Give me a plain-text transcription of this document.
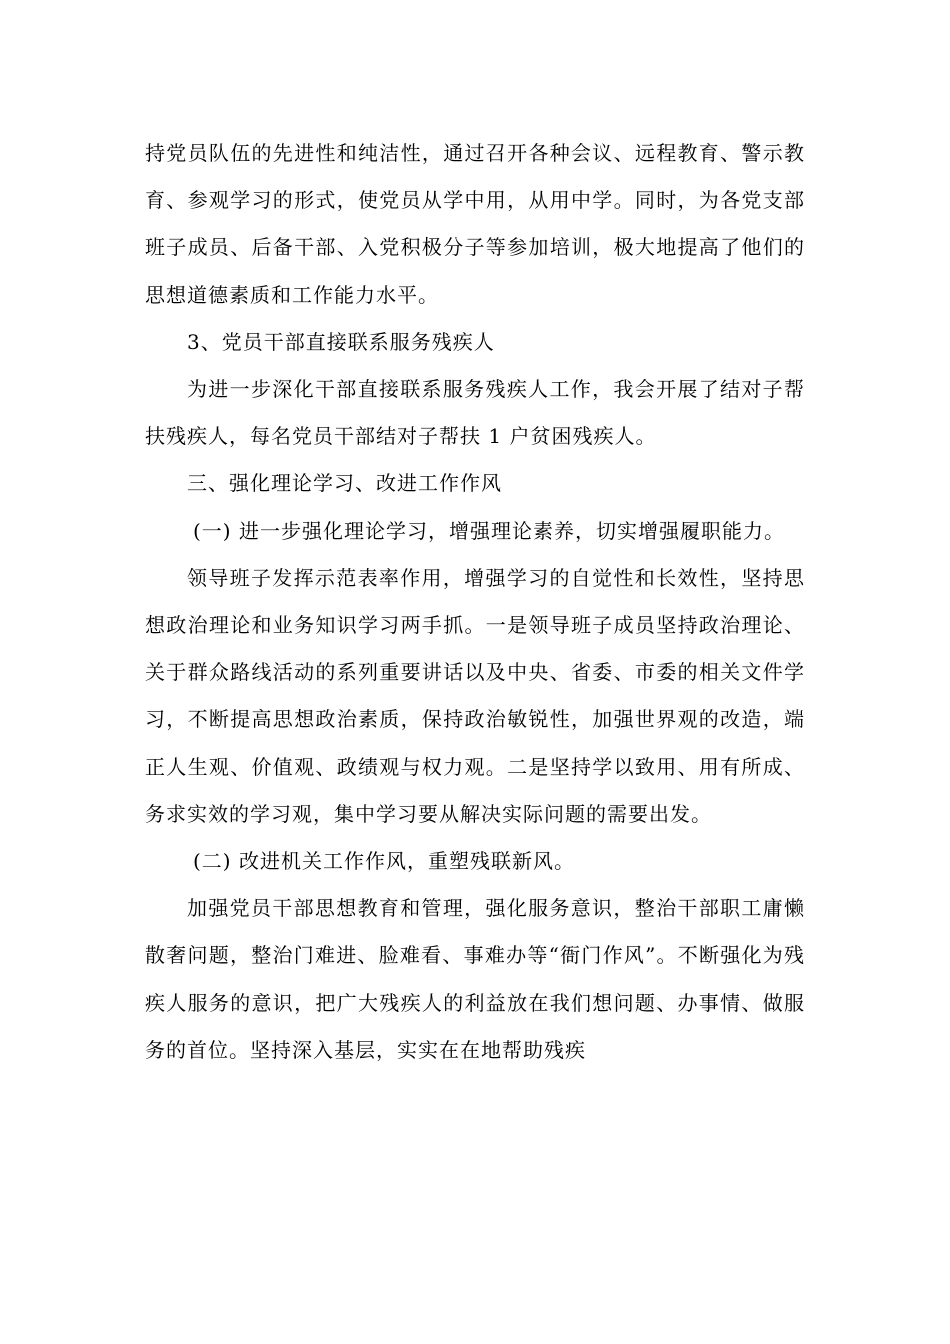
持党员队伍的先进性和纯洁性，通过召开各种会议、远程教育、警示教育、参观学习的形式，使党员从学中用，从用中学。同时，为各党支部班子成员、后备干部、入党积极分子等参加培训，极大地提高了他们的思想道德素质和工作能力水平。

3、党员干部直接联系服务残疾人

为进一步深化干部直接联系服务残疾人工作，我会开展了结对子帮扶残疾人，每名党员干部结对子帮扶 1 户贫困残疾人。

三、强化理论学习、改进工作作风

(一) 进一步强化理论学习，增强理论素养，切实增强履职能力。

领导班子发挥示范表率作用，增强学习的自觉性和长效性，坚持思想政治理论和业务知识学习两手抓。一是领导班子成员坚持政治理论、关于群众路线活动的系列重要讲话以及中央、省委、市委的相关文件学习，不断提高思想政治素质，保持政治敏锐性，加强世界观的改造，端正人生观、价值观、政绩观与权力观。二是坚持学以致用、用有所成、务求实效的学习观，集中学习要从解决实际问题的需要出发。

(二) 改进机关工作作风，重塑残联新风。

加强党员干部思想教育和管理，强化服务意识，整治干部职工庸懒散奢问题，整治门难进、脸难看、事难办等“衙门作风”。不断强化为残疾人服务的意识，把广大残疾人的利益放在我们想问题、办事情、做服务的首位。坚持深入基层，实实在在地帮助残疾
